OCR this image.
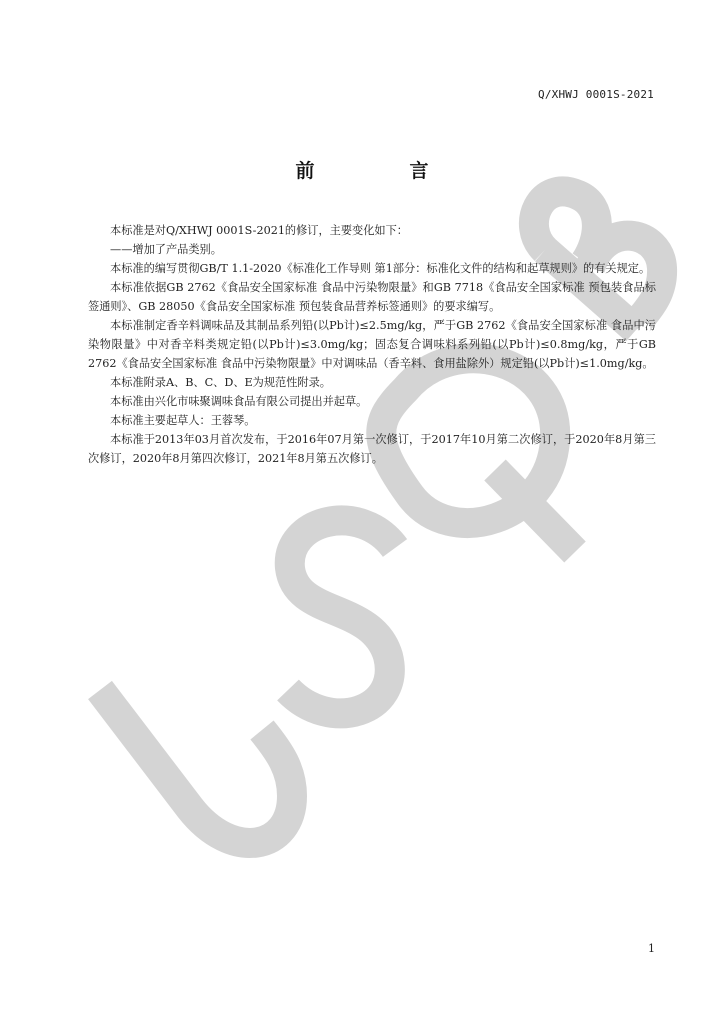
Q/XHWJ 0001S-2021
前　言

本标准是对Q/XHWJ 0001S-2021的修订，主要变化如下：

——增加了产品类别。

本标准的编写贯彻GB/T 1.1-2020《标准化工作导则 第1部分：标准化文件的结构和起草规则》的有关规定。

本标准依据GB 2762《食品安全国家标准 食品中污染物限量》和GB 7718《食品安全国家标准 预包装食品标签通则》、GB 28050《食品安全国家标准 预包装食品营养标签通则》的要求编写。

本标准制定香辛料调味品及其制品系列铅(以Pb计)≤2.5mg/kg，严于GB 2762《食品安全国家标准 食品中污染物限量》中对香辛料类规定铅(以Pb计)≤3.0mg/kg；固态复合调味料系列铅(以Pb计)≤0.8mg/kg，严于GB 2762《食品安全国家标准 食品中污染物限量》中对调味品（香辛料、食用盐除外）规定铅(以Pb计)≤1.0mg/kg。

本标准附录A、B、C、D、E为规范性附录。

本标准由兴化市味聚调味食品有限公司提出并起草。

本标准主要起草人：王蓉琴。

本标准于2013年03月首次发布，于2016年07月第一次修订，于2017年10月第二次修订，于2020年8月第三次修订，2020年8月第四次修订，2021年8月第五次修订。

1
